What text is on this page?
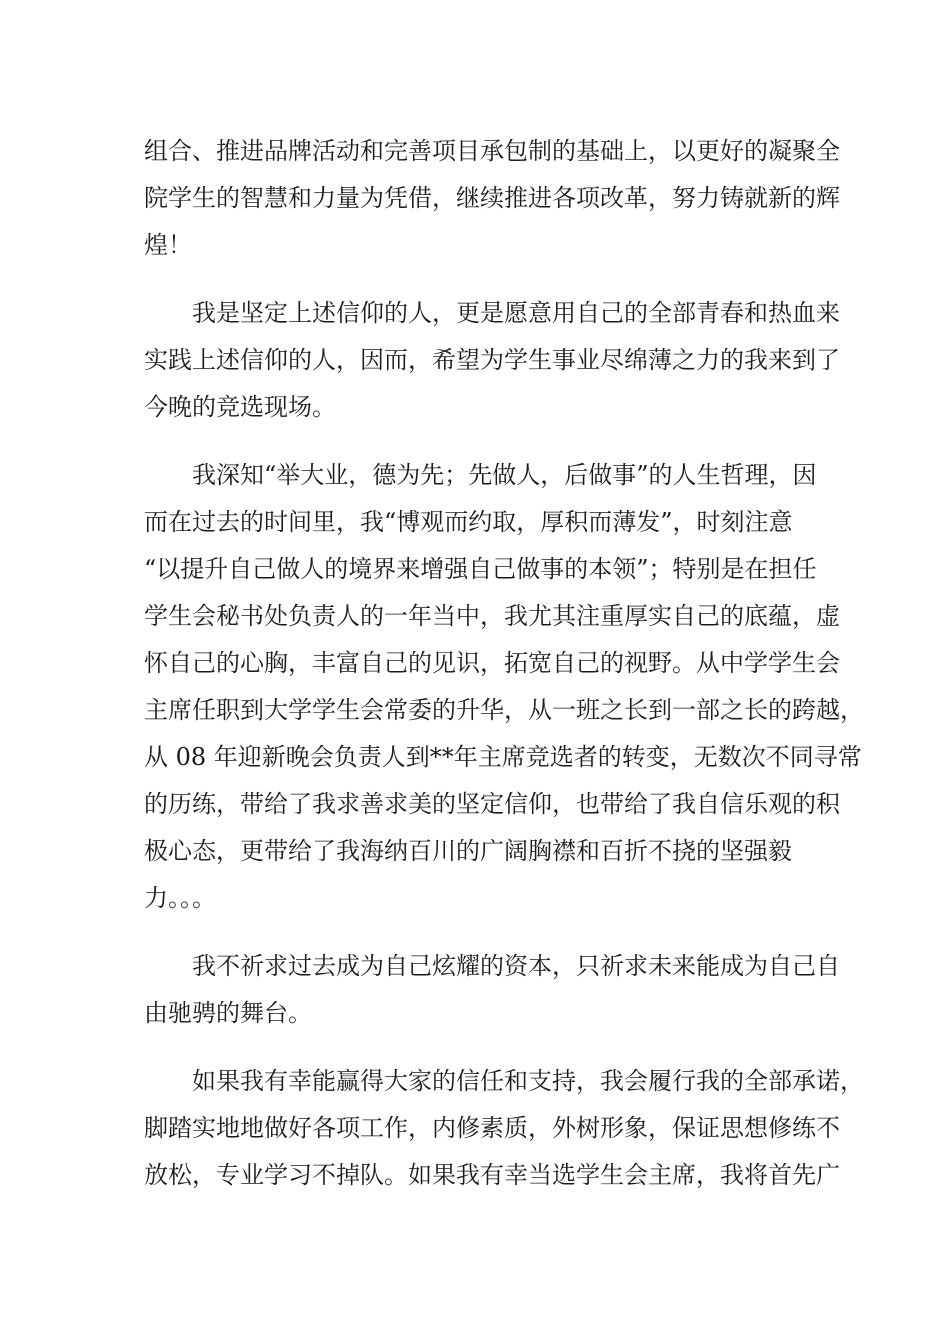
组合、推进品牌活动和完善项目承包制的基础上，以更好的凝聚全
院学生的智慧和力量为凭借，继续推进各项改革，努力铸就新的辉
煌！
　　我是坚定上述信仰的人，更是愿意用自己的全部青春和热血来
实践上述信仰的人，因而，希望为学生事业尽绵薄之力的我来到了
今晚的竞选现场。
　　我深知“举大业，德为先；先做人，后做事”的人生哲理，因
而在过去的时间里，我“博观而约取，厚积而薄发”，时刻注意
“以提升自己做人的境界来增强自己做事的本领”；特别是在担任
学生会秘书处负责人的一年当中，我尤其注重厚实自己的底蕴，虚
怀自己的心胸，丰富自己的见识，拓宽自己的视野。从中学学生会
主席任职到大学学生会常委的升华，从一班之长到一部之长的跨越，
从 08 年迎新晚会负责人到**年主席竞选者的转变，无数次不同寻常
的历练，带给了我求善求美的坚定信仰，也带给了我自信乐观的积
极心态，更带给了我海纳百川的广阔胸襟和百折不挠的坚强毅
力。。。
　　我不祈求过去成为自己炫耀的资本，只祈求未来能成为自己自
由驰骋的舞台。
　　如果我有幸能赢得大家的信任和支持，我会履行我的全部承诺，
脚踏实地地做好各项工作，内修素质，外树形象，保证思想修练不
放松，专业学习不掉队。如果我有幸当选学生会主席，我将首先广
